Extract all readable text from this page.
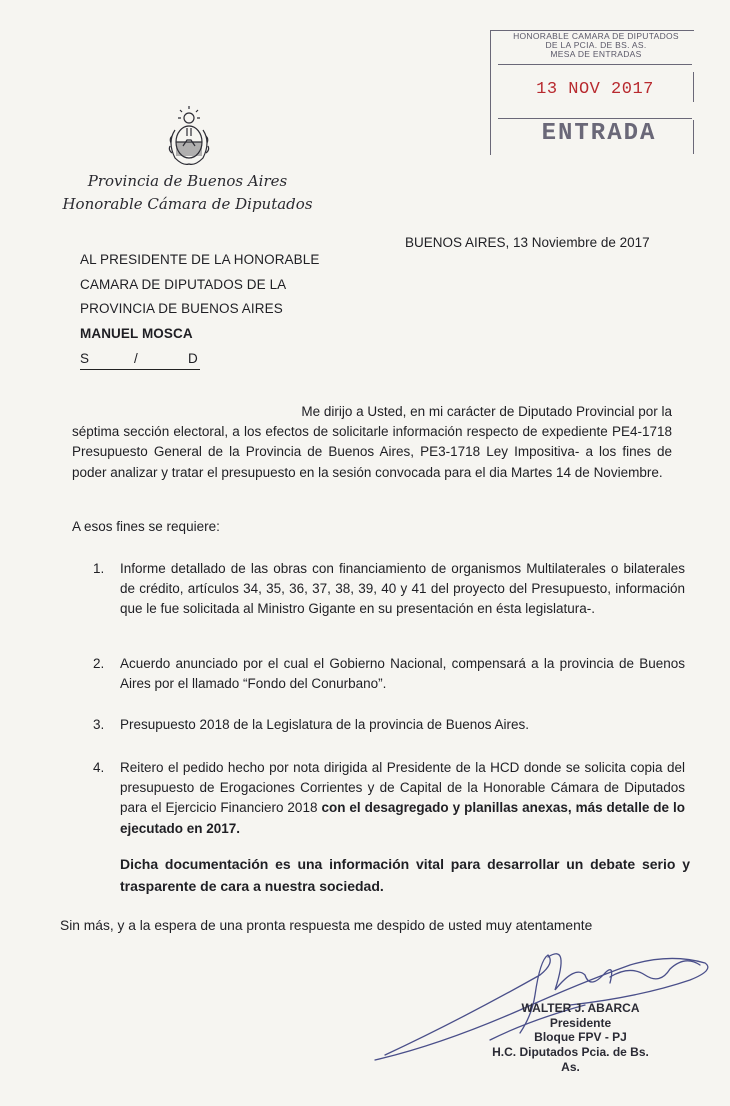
HONORABLE CAMARA DE DIPUTADOS
DE LA PCIA. DE BS. AS.
MESA DE ENTRADAS
13 NOV 2017
ENTRADA
Provincia de Buenos Aires
Honorable Cámara de Diputados
BUENOS AIRES, 13 Noviembre de 2017
AL PRESIDENTE DE LA HONORABLE
CAMARA DE DIPUTADOS DE LA
PROVINCIA DE BUENOS AIRES
MANUEL MOSCA
S	/	D
Me dirijo a Usted, en mi carácter de Diputado Provincial por la
séptima sección electoral, a los efectos de solicitarle información respecto de expediente PE4-1718 Presupuesto General de la Provincia de Buenos Aires, PE3-1718 Ley Impositiva- a los fines de poder analizar y tratar el presupuesto en la sesión convocada para el dia Martes 14 de Noviembre.
A esos fines se requiere:
1.	Informe detallado de las obras con financiamiento de organismos Multilaterales o bilaterales de crédito, artículos 34, 35, 36, 37, 38, 39, 40 y 41 del proyecto del Presupuesto, información que le fue solicitada al Ministro Gigante en su presentación en ésta legislatura-.
2.	Acuerdo anunciado por el cual el Gobierno Nacional, compensará a la provincia de Buenos Aires por el llamado “Fondo del Conurbano”.
3.	Presupuesto 2018 de la Legislatura de la provincia de Buenos Aires.
4.	Reitero el pedido hecho por nota dirigida al Presidente de la HCD donde se solicita copia del presupuesto de Erogaciones Corrientes y de Capital de la Honorable Cámara de Diputados para el Ejercicio Financiero 2018 con el desagregado y planillas anexas, más detalle de lo ejecutado en 2017.
Dicha documentación es una información vital para desarrollar un debate serio y trasparente de cara a nuestra sociedad.
Sin más, y a la espera de una pronta respuesta me despido de usted muy atentamente
WALTER J. ABARCA
Presidente
Bloque FPV - PJ
H.C. Diputados Pcia. de Bs. As.
